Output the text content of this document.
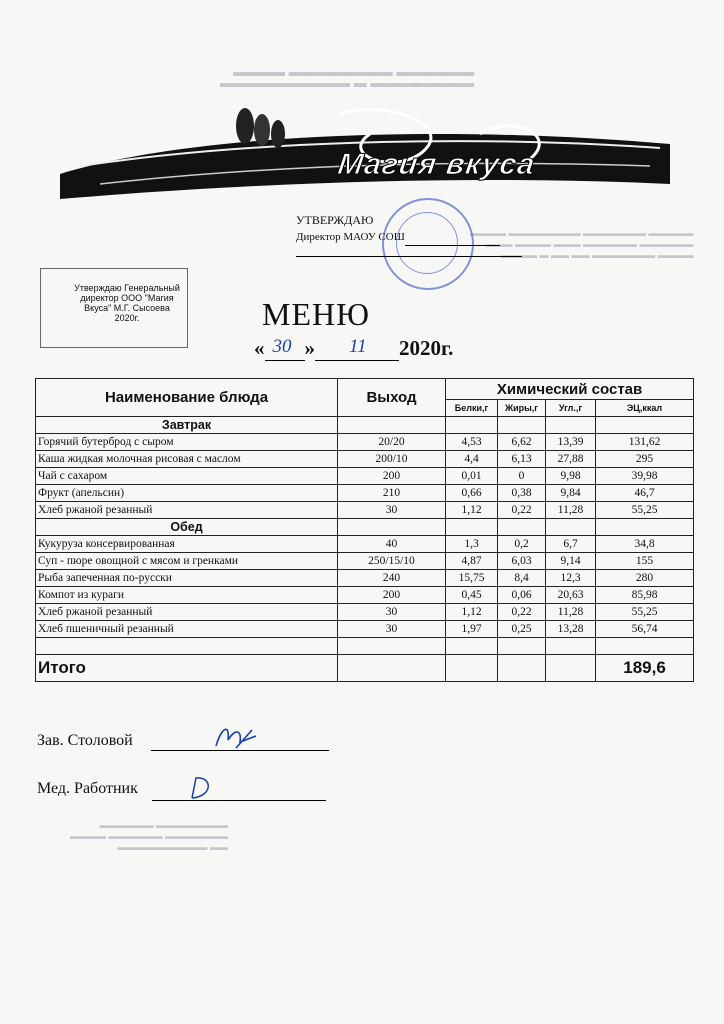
▬▬▬▬▬▬ ▬▬▬▬▬▬▬▬ ▬▬▬▬
▬▬▬▬▬▬▬▬ ▬ ▬▬▬▬▬▬▬▬▬▬
▬▬▬▬▬ ▬▬▬▬▬▬▬ ▬▬▬▬▬▬▬▬ ▬▬▬▬
▬▬▬▬▬▬ ▬▬▬▬▬▬ ▬▬▬ ▬▬▬▬ ▬▬▬
▬▬▬▬ ▬▬▬▬▬▬▬ ▬▬ ▬▬ ▬ ▬▬▬▬
▬▬▬▬▬▬▬▬ ▬▬▬▬▬▬
▬▬▬▬▬▬▬ ▬▬▬▬▬▬ ▬▬▬▬
▬▬ ▬▬▬▬▬▬▬▬▬▬
Магия вкуса
УТВЕРЖДАЮ
Директор МАОУ СОШ
Утверждаю Генеральный директор ООО "Магия Вкуса" М.Г. Сысоева 2020г.	МЕНЮ
« 30 » 11 2020г.
Наименование блюда	Выход	Химический состав			
		Белки,г	Жиры,г	Угл.,г	ЭЦ,ккал
Завтрак					
Горячий бутерброд с сыром	20/20	4,53	6,62	13,39	131,62
Каша жидкая молочная рисовая с маслом	200/10	4,4	6,13	27,88	295
Чай с сахаром	200	0,01	0	9,98	39,98
Фрукт (апельсин)	210	0,66	0,38	9,84	46,7
Хлеб ржаной резанный	30	1,12	0,22	11,28	55,25
Обед					
Кукуруза консервированная	40	1,3	0,2	6,7	34,8
Суп - пюре овощной с мясом и гренками	250/15/10	4,87	6,03	9,14	155
Рыба запеченная по-русски	240	15,75	8,4	12,3	280
Компот из кураги	200	0,45	0,06	20,63	85,98
Хлеб ржаной резанный	30	1,12	0,22	11,28	55,25
Хлеб пшеничный резанный	30	1,97	0,25	13,28	56,74

Итого					189,6
Зав. Столовой
Мед. Работник
